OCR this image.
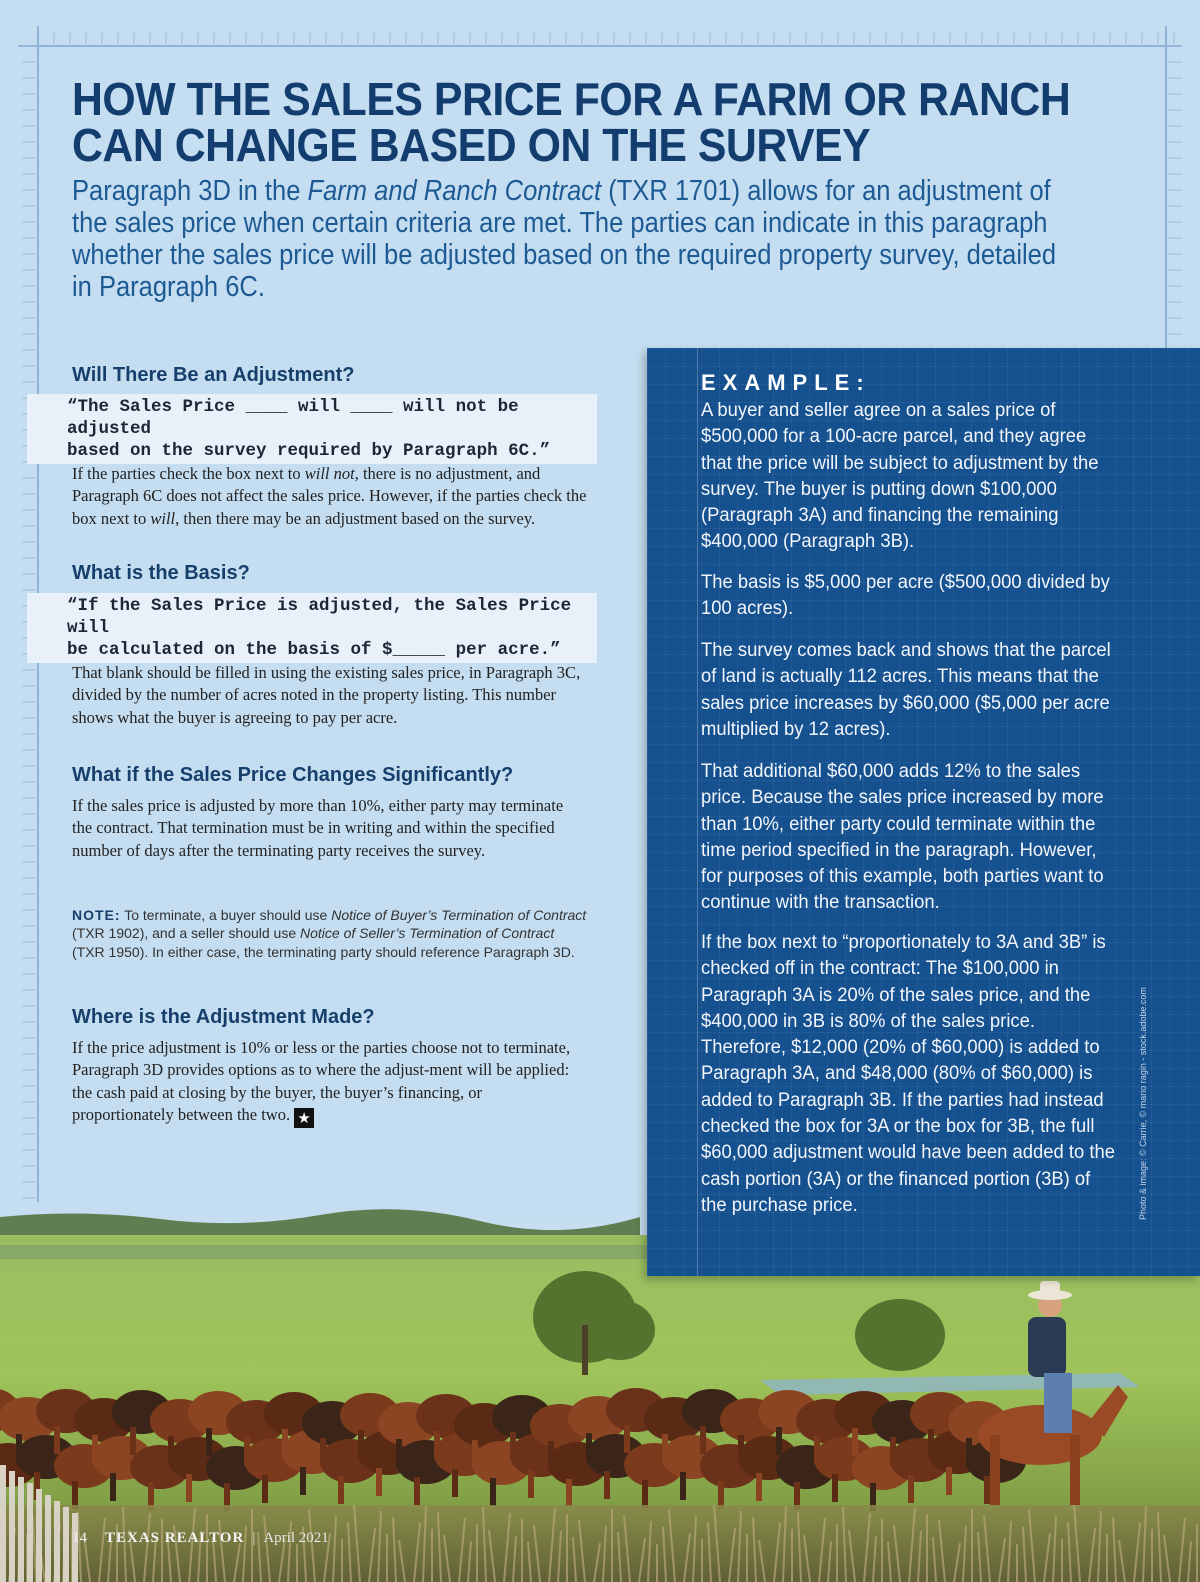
HOW THE SALES PRICE FOR A FARM OR RANCH
CAN CHANGE BASED ON THE SURVEY

Paragraph 3D in the Farm and Ranch Contract (TXR 1701) allows for an adjustment of the sales price when certain criteria are met. The parties can indicate in this paragraph whether the sales price will be adjusted based on the required property survey, detailed in Paragraph 6C.

Will There Be an Adjustment?
“The Sales Price ____ will ____ will not be adjusted
based on the survey required by Paragraph 6C.”

If the parties check the box next to will not, there is no adjustment, and Paragraph 6C does not affect the sales price. However, if the parties check the box next to will, then there may be an adjustment based on the survey.

What is the Basis?
“If the Sales Price is adjusted, the Sales Price will
be calculated on the basis of $_____ per acre.”

That blank should be filled in using the existing sales price, in Paragraph 3C, divided by the number of acres noted in the property listing. This number shows what the buyer is agreeing to pay per acre.

What if the Sales Price Changes Significantly?

If the sales price is adjusted by more than 10%, either party may terminate the contract. That termination must be in writing and within the specified number of days after the terminating party receives the survey.

NOTE: To terminate, a buyer should use Notice of Buyer’s Termination of Contract (TXR 1902), and a seller should use Notice of Seller’s Termination of Contract (TXR 1950). In either case, the terminating party should reference Paragraph 3D.

Where is the Adjustment Made?

If the price adjustment is 10% or less or the parties choose not to terminate, Paragraph 3D provides options as to where the adjust-ment will be applied: the cash paid at closing by the buyer, the buyer’s financing, or proportionately between the two. ★

EXAMPLE:

A buyer and seller agree on a sales price of $500,000 for a 100-acre parcel, and they agree that the price will be subject to adjustment by the survey. The buyer is putting down $100,000 (Paragraph 3A) and financing the remaining $400,000 (Paragraph 3B).

The basis is $5,000 per acre ($500,000 divided by 100 acres).

The survey comes back and shows that the parcel of land is actually 112 acres. This means that the sales price increases by $60,000 ($5,000 per acre multiplied by 12 acres).

That additional $60,000 adds 12% to the sales price. Because the sales price increased by more than 10%, either party could terminate within the time period specified in the paragraph. However, for purposes of this example, both parties want to continue with the transaction.

If the box next to “proportionately to 3A and 3B” is checked off in the contract: The $100,000 in Paragraph 3A is 20% of the sales price, and the $400,000 in 3B is 80% of the sales price. Therefore, $12,000 (20% of $60,000) is added to Paragraph 3A, and $48,000 (80% of $60,000) is added to Paragraph 3B. If the parties had instead checked the box for 3A or the box for 3B, the full $60,000 adjustment would have been added to the cash portion (3A) or the financed portion (3B) of the purchase price.	Photo & image: © Carrie, © mario ragin - stock.adobe.com

14 TEXAS REALTOR | April 2021
